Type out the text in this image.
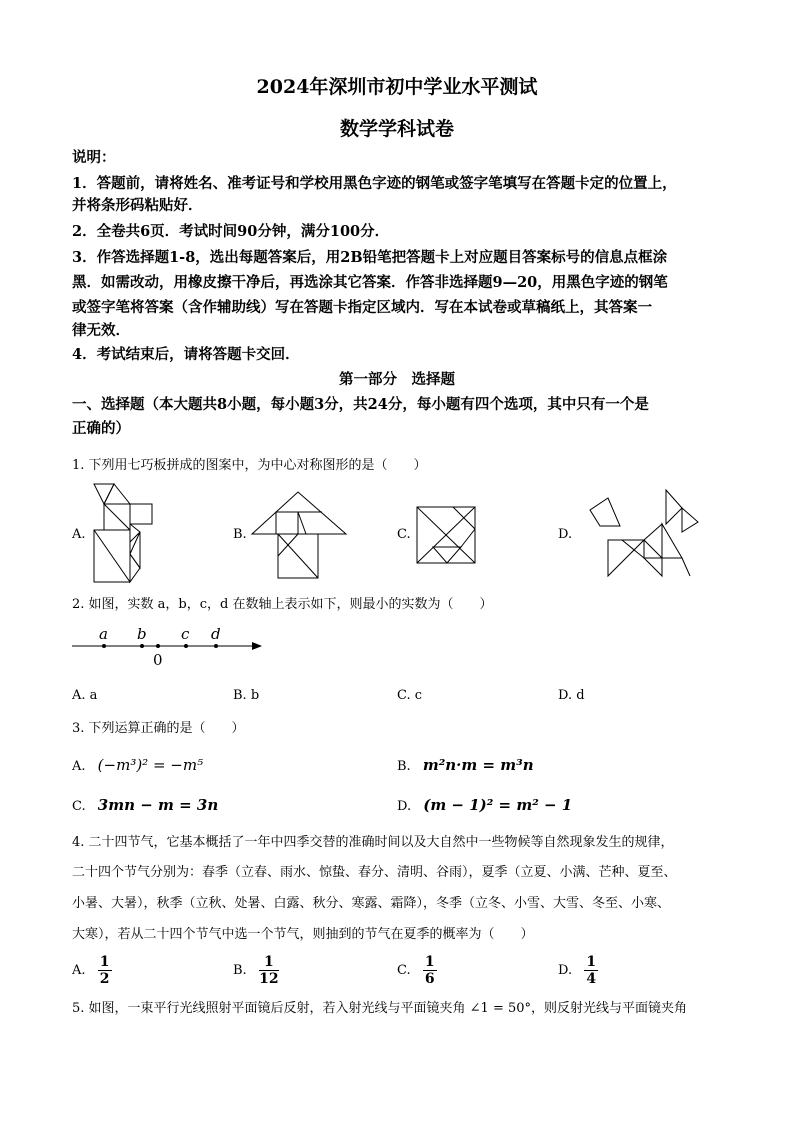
2024年深圳市初中学业水平测试
数学学科试卷
说明：
1．答题前，请将姓名、准考证号和学校用黑色字迹的钢笔或签字笔填写在答题卡定的位置上，
并将条形码粘贴好．
2．全卷共6页．考试时间90分钟，满分100分．
3．作答选择题1-8，选出每题答案后，用2B铅笔把答题卡上对应题目答案标号的信息点框涂
黑．如需改动，用橡皮擦干净后，再选涂其它答案．作答非选择题9—20，用黑色字迹的钢笔
或签字笔将答案（含作辅助线）写在答题卡指定区域内．写在本试卷或草稿纸上，其答案一
律无效．
4．考试结束后，请将答题卡交回．
第一部分　选择题
一、选择题（本大题共8小题，每小题3分，共24分，每小题有四个选项，其中只有一个是
正确的）
1. 下列用七巧板拼成的图案中，为中心对称图形的是（　　）
A.	B.	C.	D.
2. 如图，实数 a，b，c，d 在数轴上表示如下，则最小的实数为（　　）
a b c d
0
A. a	B. b	C. c	D. d
3. 下列运算正确的是（　　）
A. (−m³)² = −m⁵	B. m²n·m = m³n
C. 3mn − m = 3n	D. (m − 1)² = m² − 1
4. 二十四节气，它基本概括了一年中四季交替的准确时间以及大自然中一些物候等自然现象发生的规律，
二十四个节气分别为：春季（立春、雨水、惊蛰、春分、清明、谷雨），夏季（立夏、小满、芒种、夏至、
小暑、大暑），秋季（立秋、处暑、白露、秋分、寒露、霜降），冬季（立冬、小雪、大雪、冬至、小寒、
大寒），若从二十四个节气中选一个节气，则抽到的节气在夏季的概率为（　　）
A. $\frac{1}{2}$	B. $\frac{1}{12}$	C. $\frac{1}{6}$	D. $\frac{1}{4}$
5. 如图，一束平行光线照射平面镜后反射，若入射光线与平面镜夹角 ∠1 = 50°，则反射光线与平面镜夹角
